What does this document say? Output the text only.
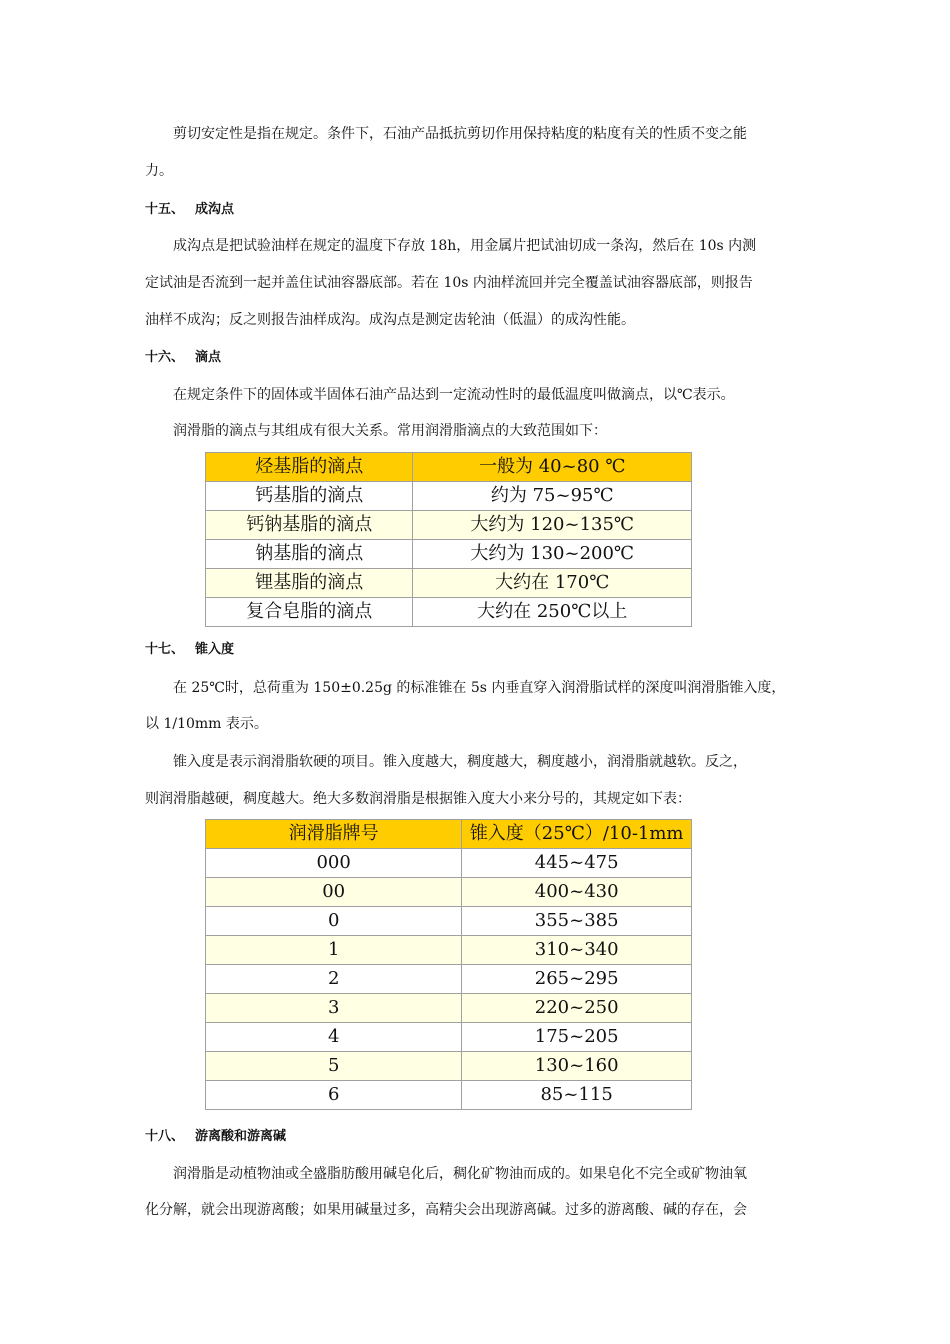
剪切安定性是指在规定。条件下，石油产品抵抗剪切作用保持粘度的粘度有关的性质不变之能
力。
十五、 成沟点
成沟点是把试验油样在规定的温度下存放 18h，用金属片把试油切成一条沟，然后在 10s 内测
定试油是否流到一起并盖住试油容器底部。若在 10s 内油样流回并完全覆盖试油容器底部，则报告
油样不成沟；反之则报告油样成沟。成沟点是测定齿轮油（低温）的成沟性能。
十六、 滴点
在规定条件下的固体或半固体石油产品达到一定流动性时的最低温度叫做滴点，以℃表示。
润滑脂的滴点与其组成有很大关系。常用润滑脂滴点的大致范围如下：
烃基脂的滴点	一般为 40~80 ℃
钙基脂的滴点	约为 75~95℃
钙钠基脂的滴点	大约为 120~135℃
钠基脂的滴点	大约为 130~200℃
锂基脂的滴点	大约在 170℃
复合皂脂的滴点	大约在 250℃以上
十七、 锥入度
在 25℃时，总荷重为 150±0.25g 的标准锥在 5s 内垂直穿入润滑脂试样的深度叫润滑脂锥入度，
以 1/10mm 表示。
锥入度是表示润滑脂软硬的项目。锥入度越大，稠度越大，稠度越小，润滑脂就越软。反之，
则润滑脂越硬，稠度越大。绝大多数润滑脂是根据锥入度大小来分号的，其规定如下表：
润滑脂牌号	锥入度（25℃）/10-1mm
000	445~475
00	400~430
0	355~385
1	310~340
2	265~295
3	220~250
4	175~205
5	130~160
6	85~115
十八、 游离酸和游离碱
润滑脂是动植物油或全盛脂肪酸用碱皂化后，稠化矿物油而成的。如果皂化不完全或矿物油氧
化分解，就会出现游离酸；如果用碱量过多，高精尖会出现游离碱。过多的游离酸、碱的存在，会
